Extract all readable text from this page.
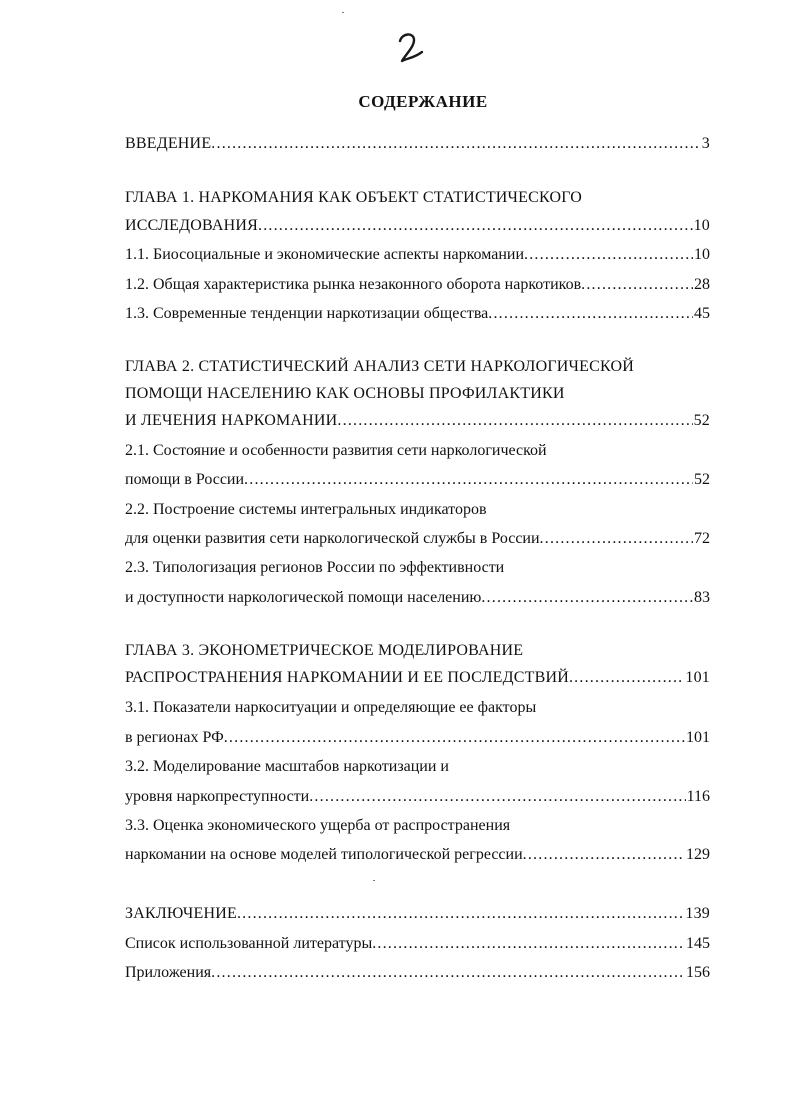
СОДЕРЖАНИЕ
ВВЕДЕНИЕ .....	3
ГЛАВА 1. НАРКОМАНИЯ КАК ОБЪЕКТ СТАТИСТИЧЕСКОГО
ИССЛЕДОВАНИЯ .....	10
1.1. Биосоциальные и экономические аспекты наркомании .....	10
1.2. Общая характеристика рынка незаконного оборота наркотиков .....	28
1.3. Современные тенденции наркотизации общества .....	45
ГЛАВА 2. СТАТИСТИЧЕСКИЙ АНАЛИЗ СЕТИ НАРКОЛОГИЧЕСКОЙ
ПОМОЩИ НАСЕЛЕНИЮ КАК ОСНОВЫ ПРОФИЛАКТИКИ
И ЛЕЧЕНИЯ НАРКОМАНИИ .....	52
2.1. Состояние и особенности развития сети наркологической
помощи в России .....	52
2.2. Построение системы интегральных индикаторов
для оценки развития сети наркологической службы в России .....	72
2.3. Типологизация регионов России по эффективности
и доступности наркологической помощи населению .....	83
ГЛАВА 3. ЭКОНОМЕТРИЧЕСКОЕ МОДЕЛИРОВАНИЕ
РАСПРОСТРАНЕНИЯ НАРКОМАНИИ И ЕЕ ПОСЛЕДСТВИЙ .....	101
3.1. Показатели наркоситуации и определяющие ее факторы
в регионах РФ .....	101
3.2. Моделирование масштабов наркотизации и
уровня наркопреступности .....	116
3.3. Оценка экономического ущерба от распространения
наркомании на основе моделей типологической регрессии .....	129
ЗАКЛЮЧЕНИЕ .....	139
Список использованной литературы .....	145
Приложения .....	156
